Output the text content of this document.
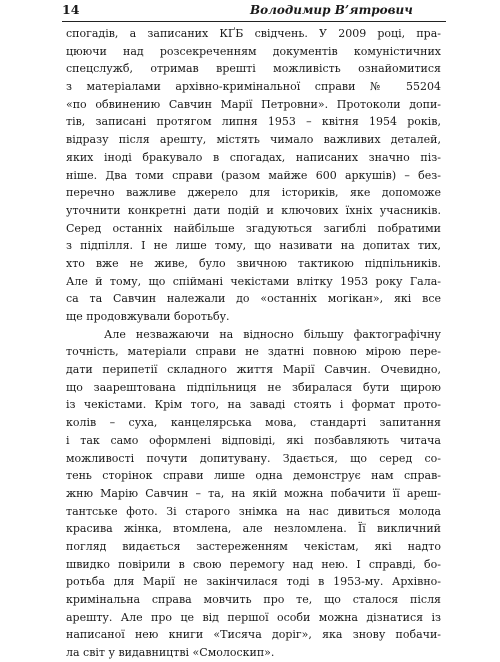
14	Володимир В’ятрович
спогадів, а записаних КҐБ свідчень. У 2009 році, пра-
цюючи над розсекреченням документів комуністичних
спецслужб, отримав врешті можливість ознайомитися
з матеріалами архівно-кримінальної справи № 55204
«по обвинению Савчин Марії Петровни». Протоколи допи-
тів, записані протягом липня 1953 – квітня 1954 років,
відразу після арешту, містять чимало важливих деталей,
яких іноді бракувало в спогадах, написаних значно піз-
ніше. Два томи справи (разом майже 600 аркушів) – без-
перечно важливе джерело для істориків, яке допоможе
уточнити конкретні дати подій и ключових їхніх учасників.
Серед останніх найбільше згадуються загиблі побратими
з підпілля. І не лише тому, що називати на допитах тих,
хто вже не живе, було звичною тактикою підпільників.
Але й тому, що спіймані чекістами влітку 1953 року Гала-
са та Савчин належали до «останніх могікан», які все
ще продовжували боротьбу.
Але незважаючи на відносно більшу фактографічну
точність, матеріали справи не здатні повною мірою пере-
дати перипетії складного життя Марії Савчин. Очевидно,
що заарештована підпільниця не збиралася бути щирою
із чекістами. Крім того, на заваді стоять і формат прото-
колів – суха, канцелярська мова, стандарті запитання
і так само оформлені відповіді, які позбавляють читача
можливості почути допитувану. Здається, що серед со-
тень сторінок справи лише одна демонструє нам справ-
жню Марію Савчин – та, на якій можна побачити її ареш-
тантське фото. Зі старого знімка на нас дивиться молода
красива жінка, втомлена, але незломлена. Її викличний
погляд видається застереженням чекістам, які надто
швидко повірили в свою перемогу над нею. І справді, бо-
ротьба для Марії не закінчилася тоді в 1953-му. Архівно-
кримінальна справа мовчить про те, що сталося після
арешту. Але про це від першої особи можна дізнатися із
написаної нею книги «Тисяча доріг», яка знову побачи-
ла світ у видавництві «Смолоскип».
